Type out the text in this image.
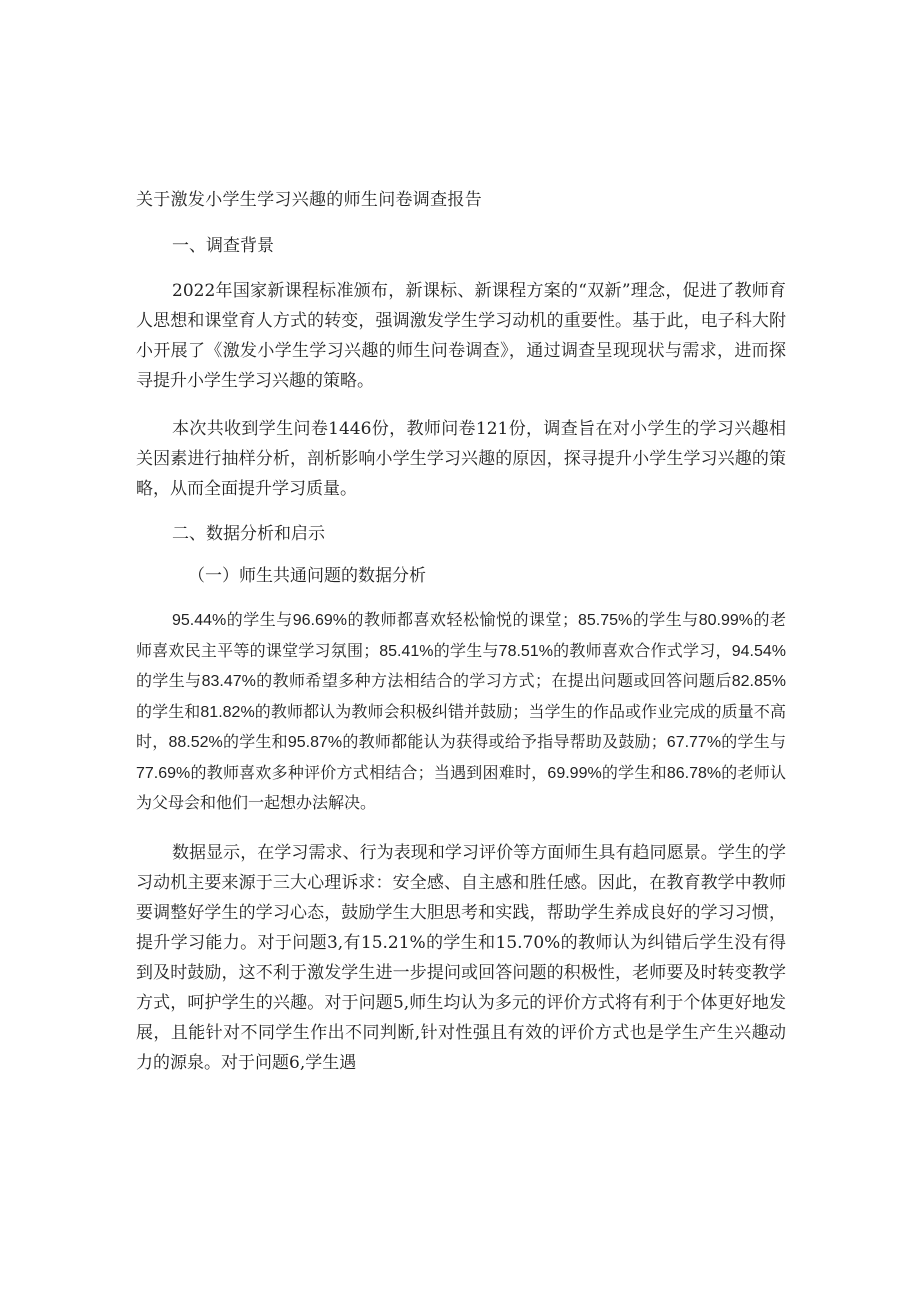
关于激发小学生学习兴趣的师生问卷调查报告
一、调查背景

2022年国家新课程标准颁布，新课标、新课程方案的“双新”理念，促进了教师育人思想和课堂育人方式的转变，强调激发学生学习动机的重要性。基于此，电子科大附小开展了《激发小学生学习兴趣的师生问卷调查》，通过调查呈现现状与需求，进而探寻提升小学生学习兴趣的策略。

本次共收到学生问卷1446份，教师问卷121份，调查旨在对小学生的学习兴趣相关因素进行抽样分析，剖析影响小学生学习兴趣的原因，探寻提升小学生学习兴趣的策略，从而全面提升学习质量。

二、数据分析和启示
（一）师生共通问题的数据分析

95.44%的学生与96.69%的教师都喜欢轻松愉悦的课堂；85.75%的学生与80.99%的老师喜欢民主平等的课堂学习氛围；85.41%的学生与78.51%的教师喜欢合作式学习，94.54%的学生与83.47%的教师希望多种方法相结合的学习方式；在提出问题或回答问题后82.85%的学生和81.82%的教师都认为教师会积极纠错并鼓励；当学生的作品或作业完成的质量不高时，88.52%的学生和95.87%的教师都能认为获得或给予指导帮助及鼓励；67.77%的学生与77.69%的教师喜欢多种评价方式相结合；当遇到困难时，69.99%的学生和86.78%的老师认为父母会和他们一起想办法解决。

数据显示，在学习需求、行为表现和学习评价等方面师生具有趋同愿景。学生的学习动机主要来源于三大心理诉求：安全感、自主感和胜任感。因此，在教育教学中教师要调整好学生的学习心态，鼓励学生大胆思考和实践，帮助学生养成良好的学习习惯，提升学习能力。对于问题3,有15.21%的学生和15.70%的教师认为纠错后学生没有得到及时鼓励，这不利于激发学生进一步提问或回答问题的积极性，老师要及时转变教学方式，呵护学生的兴趣。对于问题5,师生均认为多元的评价方式将有利于个体更好地发展，且能针对不同学生作出不同判断,针对性强且有效的评价方式也是学生产生兴趣动力的源泉。对于问题6,学生遇
